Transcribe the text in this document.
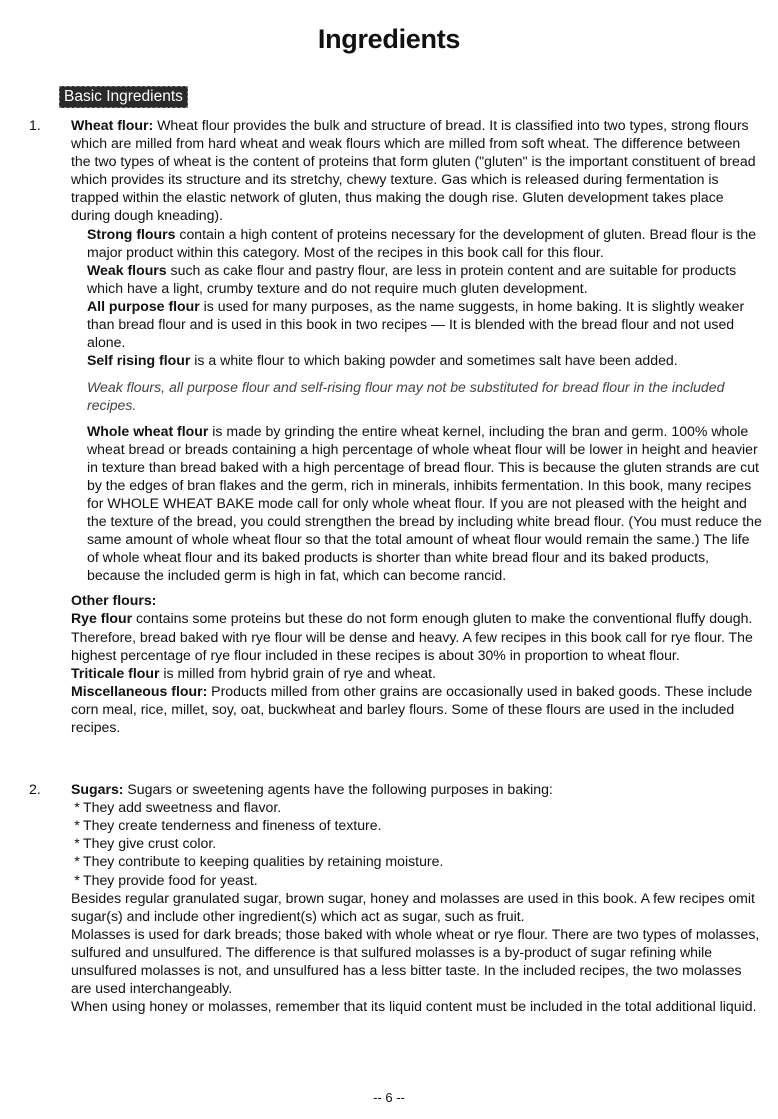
Ingredients
Basic Ingredients

1. Wheat flour: Wheat flour provides the bulk and structure of bread. It is classified into two types, strong flours which are milled from hard wheat and weak flours which are milled from soft wheat. The difference between the two types of wheat is the content of proteins that form gluten ("gluten" is the important constituent of bread which provides its structure and its stretchy, chewy texture. Gas which is released during fermentation is trapped within the elastic network of gluten, thus making the dough rise. Gluten development takes place during dough kneading).

Strong flours contain a high content of proteins necessary for the development of gluten. Bread flour is the major product within this category. Most of the recipes in this book call for this flour.

Weak flours such as cake flour and pastry flour, are less in protein content and are suitable for products which have a light, crumby texture and do not require much gluten development.

All purpose flour is used for many purposes, as the name suggests, in home baking. It is slightly weaker than bread flour and is used in this book in two recipes — It is blended with the bread flour and not used alone.

Self rising flour is a white flour to which baking powder and sometimes salt have been added.

Weak flours, all purpose flour and self-rising flour may not be substituted for bread flour in the included recipes.

Whole wheat flour is made by grinding the entire wheat kernel, including the bran and germ. 100% whole wheat bread or breads containing a high percentage of whole wheat flour will be lower in height and heavier in texture than bread baked with a high percentage of bread flour. This is because the gluten strands are cut by the edges of bran flakes and the germ, rich in minerals, inhibits fermentation. In this book, many recipes for WHOLE WHEAT BAKE mode call for only whole wheat flour. If you are not pleased with the height and the texture of the bread, you could strengthen the bread by including white bread flour. (You must reduce the same amount of whole wheat flour so that the total amount of wheat flour would remain the same.) The life of whole wheat flour and its baked products is shorter than white bread flour and its baked products, because the included germ is high in fat, which can become rancid.

Other flours:

Rye flour contains some proteins but these do not form enough gluten to make the conventional fluffy dough. Therefore, bread baked with rye flour will be dense and heavy. A few recipes in this book call for rye flour. The highest percentage of rye flour included in these recipes is about 30% in proportion to wheat flour.

Triticale flour is milled from hybrid grain of rye and wheat.

Miscellaneous flour: Products milled from other grains are occasionally used in baked goods. These include corn meal, rice, millet, soy, oat, buckwheat and barley flours. Some of these flours are used in the included recipes.

2. Sugars: Sugars or sweetening agents have the following purposes in baking:

* They add sweetness and flavor.

* They create tenderness and fineness of texture.

* They give crust color.

* They contribute to keeping qualities by retaining moisture.

* They provide food for yeast.

Besides regular granulated sugar, brown sugar, honey and molasses are used in this book. A few recipes omit sugar(s) and include other ingredient(s) which act as sugar, such as fruit.

Molasses is used for dark breads; those baked with whole wheat or rye flour. There are two types of molasses, sulfured and unsulfured. The difference is that sulfured molasses is a by-product of sugar refining while unsulfured molasses is not, and unsulfured has a less bitter taste. In the included recipes, the two molasses are used interchangeably.

When using honey or molasses, remember that its liquid content must be included in the total additional liquid.

-- 6 --
